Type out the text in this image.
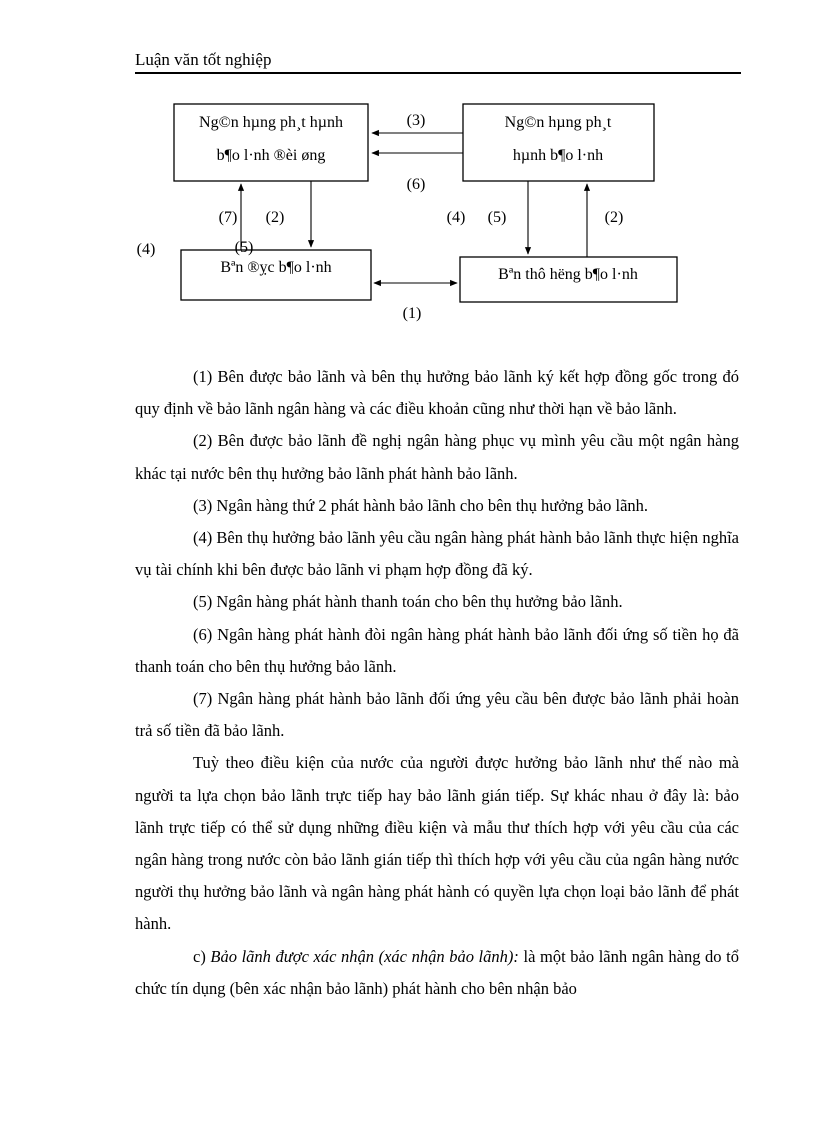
Luận văn tốt nghiệp
Ng©n hµng ph¸t hµnh
b¶o l·nh ®èi øng
Ng©n hµng ph¸t
hµnh b¶o l·nh
Bªn ®ỵc b¶o l·nh	Bªn thô hëng b¶o l·nh
(3)
(6)
(7) (2)
(4)	(5)
(4) (5)	(2)
(1)

(1) Bên được bảo lãnh và bên thụ hưởng bảo lãnh ký kết hợp đồng gốc trong đó quy định về bảo lãnh ngân hàng và các điều khoản cũng như thời hạn về bảo lãnh.

(2) Bên được bảo lãnh đề nghị ngân hàng phục vụ mình yêu cầu một ngân hàng khác tại nước bên thụ hưởng bảo lãnh phát hành bảo lãnh.

(3) Ngân hàng thứ 2 phát hành bảo lãnh cho bên thụ hưởng bảo lãnh.

(4) Bên thụ hưởng bảo lãnh yêu cầu ngân hàng phát hành bảo lãnh thực hiện nghĩa vụ tài chính khi bên được bảo lãnh vi phạm hợp đồng đã ký.

(5) Ngân hàng phát hành thanh toán cho bên thụ hưởng bảo lãnh.

(6) Ngân hàng phát hành đòi ngân hàng phát hành bảo lãnh đối ứng số tiền họ đã thanh toán cho bên thụ hưởng bảo lãnh.

(7) Ngân hàng phát hành bảo lãnh đối ứng yêu cầu bên được bảo lãnh phải hoàn trả số tiền đã bảo lãnh.

Tuỳ theo điều kiện của nước của người được hưởng bảo lãnh như thế nào mà người ta lựa chọn bảo lãnh trực tiếp hay bảo lãnh gián tiếp. Sự khác nhau ở đây là: bảo lãnh trực tiếp có thể sử dụng những điều kiện và mẫu thư thích hợp với yêu cầu của các ngân hàng trong nước còn bảo lãnh gián tiếp thì thích hợp với yêu cầu của ngân hàng nước người thụ hưởng bảo lãnh và ngân hàng phát hành có quyền lựa chọn loại bảo lãnh để phát hành.

c) Bảo lãnh được xác nhận (xác nhận bảo lãnh): là một bảo lãnh ngân hàng do tổ chức tín dụng (bên xác nhận bảo lãnh) phát hành cho bên nhận bảo
